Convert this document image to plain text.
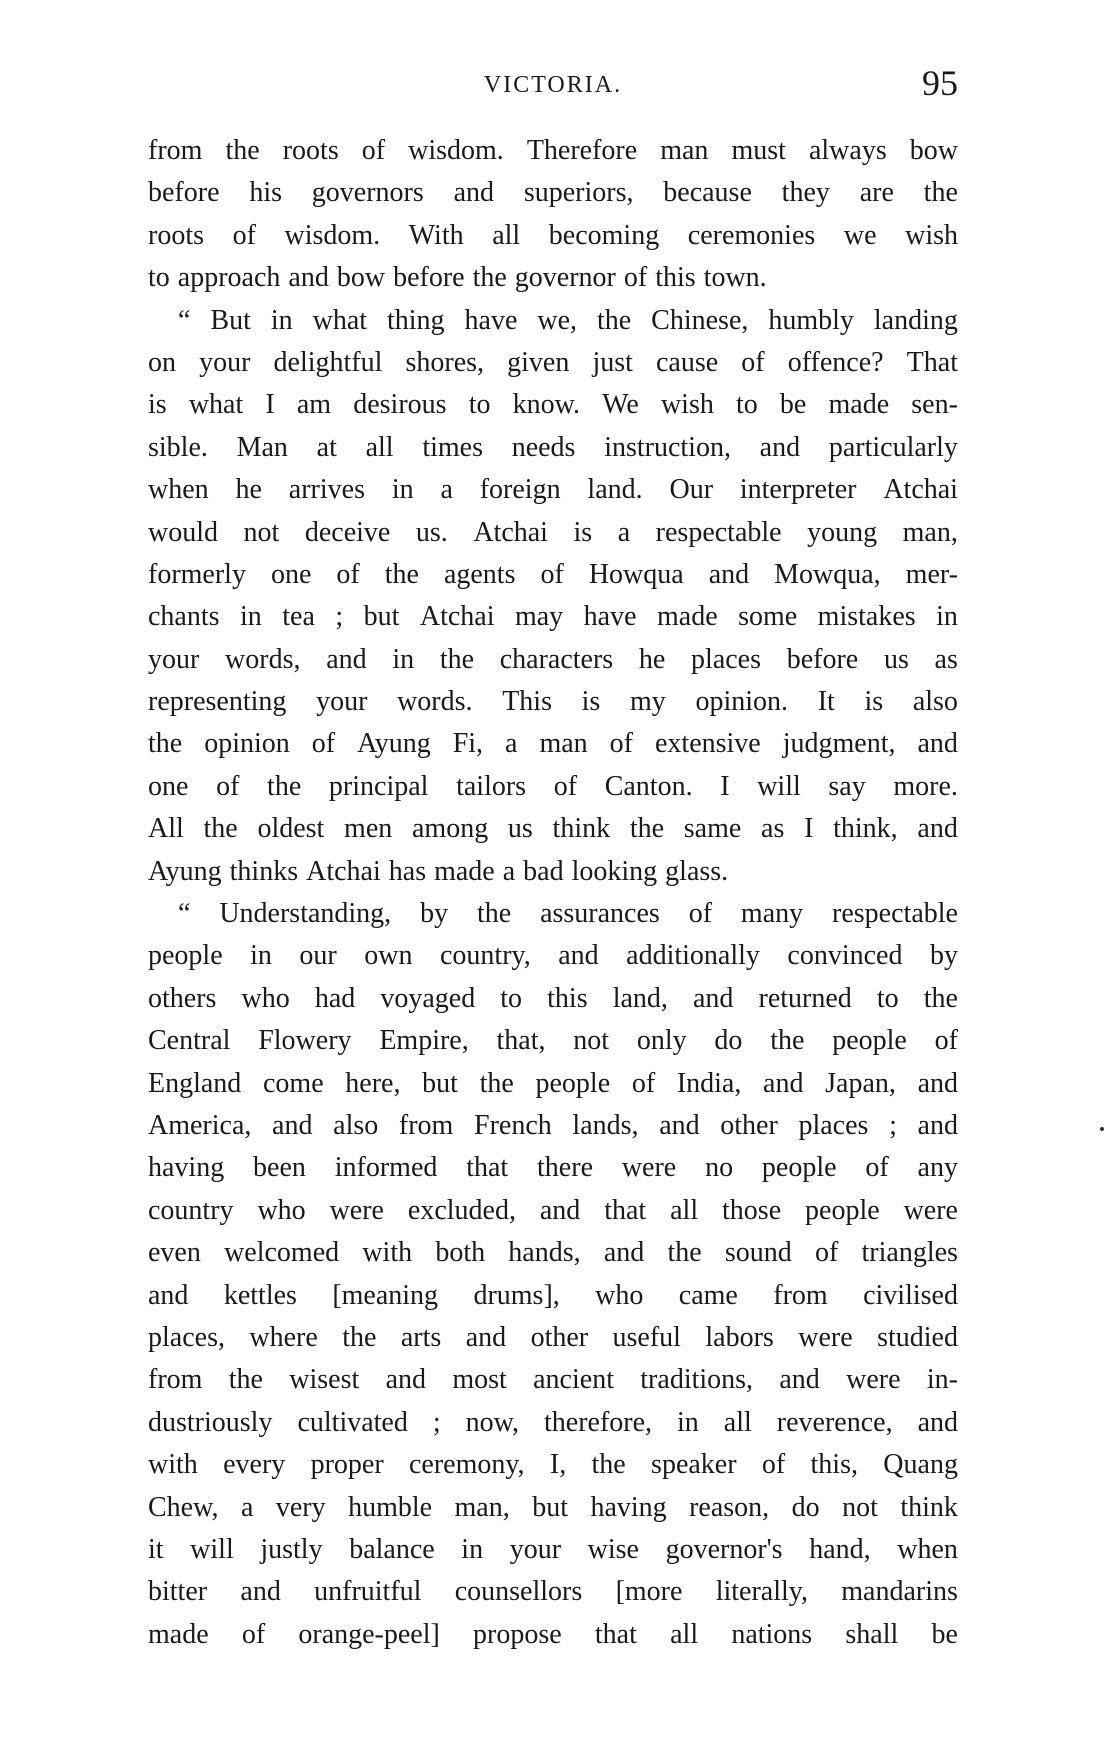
VICTORIA.	95
from the roots of wisdom. Therefore man must always bow
before his governors and superiors, because they are the
roots of wisdom. With all becoming ceremonies we wish
to approach and bow before the governor of this town.
“ But in what thing have we, the Chinese, humbly landing
on your delightful shores, given just cause of offence? That
is what I am desirous to know. We wish to be made sen-
sible. Man at all times needs instruction, and particularly
when he arrives in a foreign land. Our interpreter Atchai
would not deceive us. Atchai is a respectable young man,
formerly one of the agents of Howqua and Mowqua, mer-
chants in tea ; but Atchai may have made some mistakes in
your words, and in the characters he places before us as
representing your words. This is my opinion. It is also
the opinion of Ayung Fi, a man of extensive judgment, and
one of the principal tailors of Canton. I will say more.
All the oldest men among us think the same as I think, and
Ayung thinks Atchai has made a bad looking glass.
“ Understanding, by the assurances of many respectable
people in our own country, and additionally convinced by
others who had voyaged to this land, and returned to the
Central Flowery Empire, that, not only do the people of
England come here, but the people of India, and Japan, and
America, and also from French lands, and other places ; and
having been informed that there were no people of any
country who were excluded, and that all those people were
even welcomed with both hands, and the sound of triangles
and kettles [meaning drums], who came from civilised
places, where the arts and other useful labors were studied
from the wisest and most ancient traditions, and were in-
dustriously cultivated ; now, therefore, in all reverence, and
with every proper ceremony, I, the speaker of this, Quang
Chew, a very humble man, but having reason, do not think
it will justly balance in your wise governor's hand, when
bitter and unfruitful counsellors [more literally, mandarins
made of orange-peel] propose that all nations shall be
